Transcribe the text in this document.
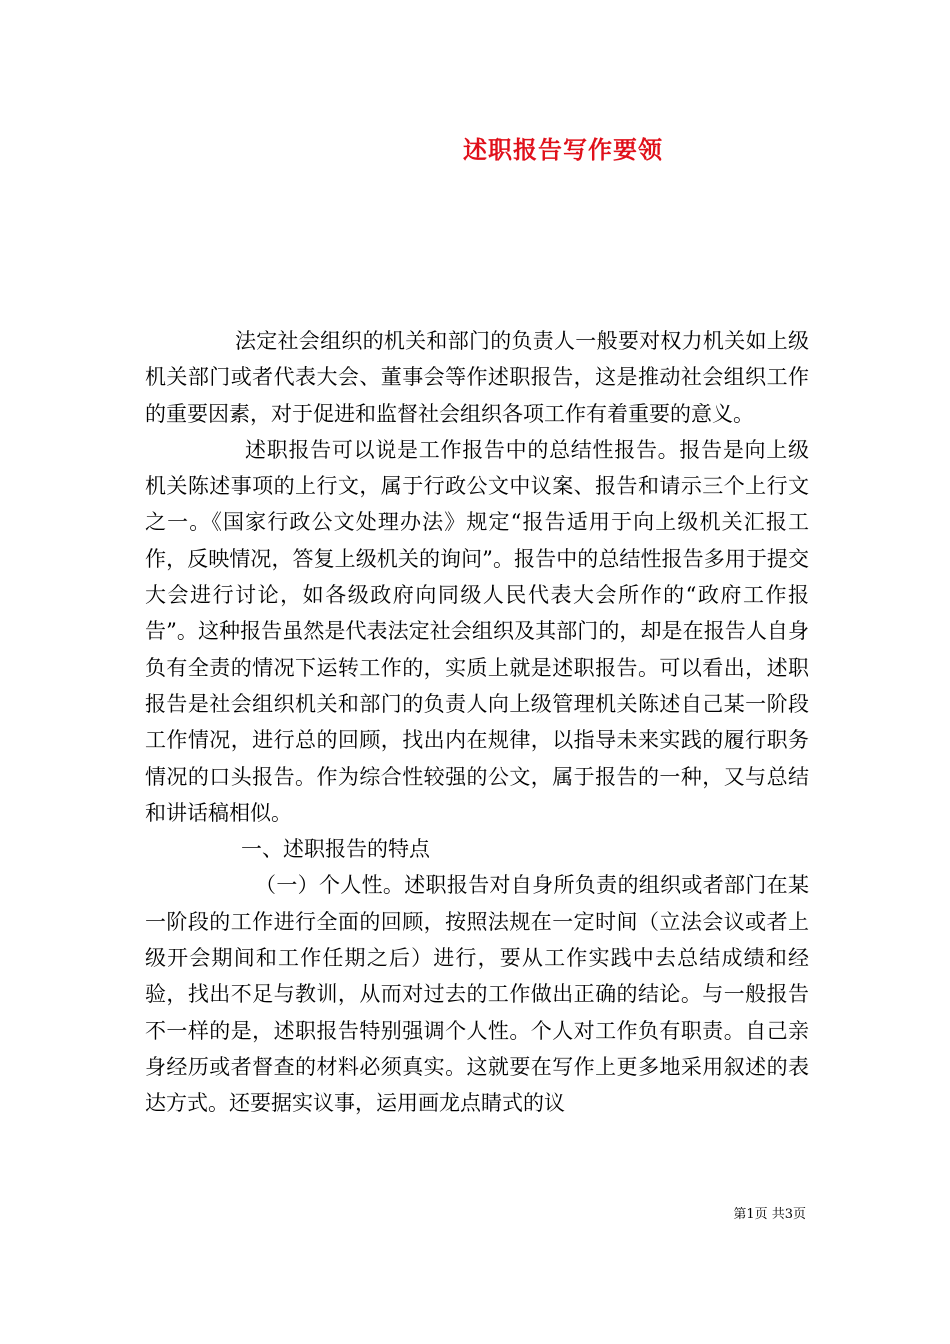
述职报告写作要领

法定社会组织的机关和部门的负责人一般要对权力机关如上级机关部门或者代表大会、董事会等作述职报告，这是推动社会组织工作的重要因素，对于促进和监督社会组织各项工作有着重要的意义。

述职报告可以说是工作报告中的总结性报告。报告是向上级机关陈述事项的上行文，属于行政公文中议案、报告和请示三个上行文之一。《国家行政公文处理办法》规定“报告适用于向上级机关汇报工作，反映情况，答复上级机关的询问”。报告中的总结性报告多用于提交大会进行讨论，如各级政府向同级人民代表大会所作的“政府工作报告”。这种报告虽然是代表法定社会组织及其部门的，却是在报告人自身负有全责的情况下运转工作的，实质上就是述职报告。可以看出，述职报告是社会组织机关和部门的负责人向上级管理机关陈述自己某一阶段工作情况，进行总的回顾，找出内在规律，以指导未来实践的履行职务情况的口头报告。作为综合性较强的公文，属于报告的一种，又与总结和讲话稿相似。

一、述职报告的特点

（一）个人性。述职报告对自身所负责的组织或者部门在某一阶段的工作进行全面的回顾，按照法规在一定时间（立法会议或者上级开会期间和工作任期之后）进行，要从工作实践中去总结成绩和经验，找出不足与教训，从而对过去的工作做出正确的结论。与一般报告不一样的是，述职报告特别强调个人性。个人对工作负有职责。自己亲身经历或者督查的材料必须真实。这就要在写作上更多地采用叙述的表达方式。还要据实议事，运用画龙点睛式的议

第1页 共3页
